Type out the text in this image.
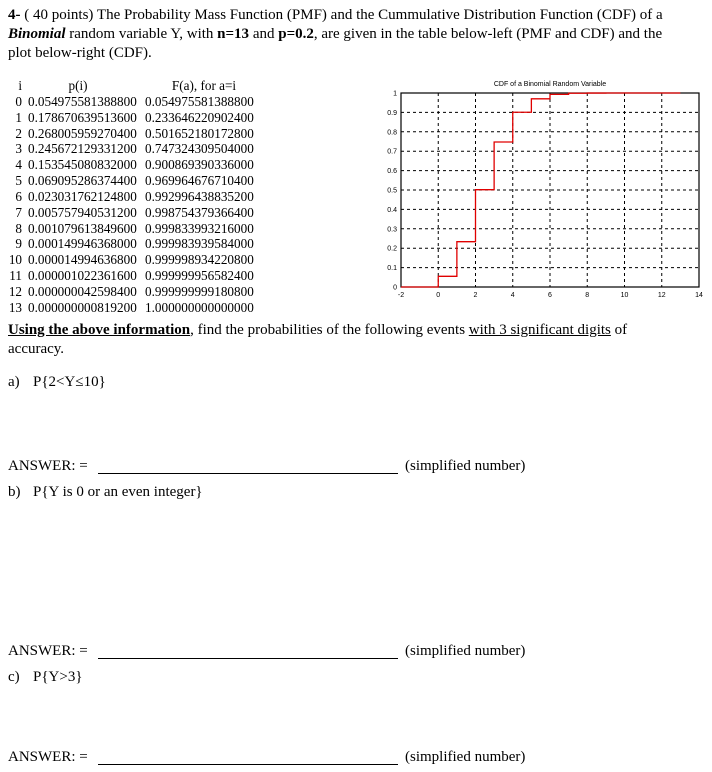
4- ( 40 points) The Probability Mass Function (PMF) and the Cummulative Distribution Function (CDF) of a
Binomial random variable Y, with n=13 and p=0.2, are given in the table below-left (PMF and CDF) and the
plot below-right (CDF).
i	p(i)	F(a), for a=i
0 0.054975581388800 0.054975581388800
1 0.178670639513600 0.233646220902400
2 0.268005959270400 0.501652180172800
3 0.245672129331200 0.747324309504000
4 0.153545080832000 0.900869390336000
5 0.069095286374400 0.969964676710400
6 0.023031762124800 0.992996438835200
7 0.005757940531200 0.998754379366400
8 0.001079613849600 0.999833993216000
9 0.000149946368000 0.999983939584000
10 0.000014994636800 0.999998934220800
11 0.000001022361600 0.999999956582400
12 0.000000042598400 0.999999999180800
13 0.000000000819200 1.000000000000000
CDF of a Binomial Random Variable
-2	0	2	4	6	8	10	12	14
0
0.1
0.2
0.3
0.4
0.5
0.6
0.7
0.8
0.9
1
Using the above information, find the probabilities of the following events with 3 significant digits of
accuracy.
a) P{2<Y≤10}
ANSWER: =	(simplified number)
b) P{Y is 0 or an even integer}
ANSWER: =	(simplified number)
c) P{Y>3}
ANSWER: =	(simplified number)
